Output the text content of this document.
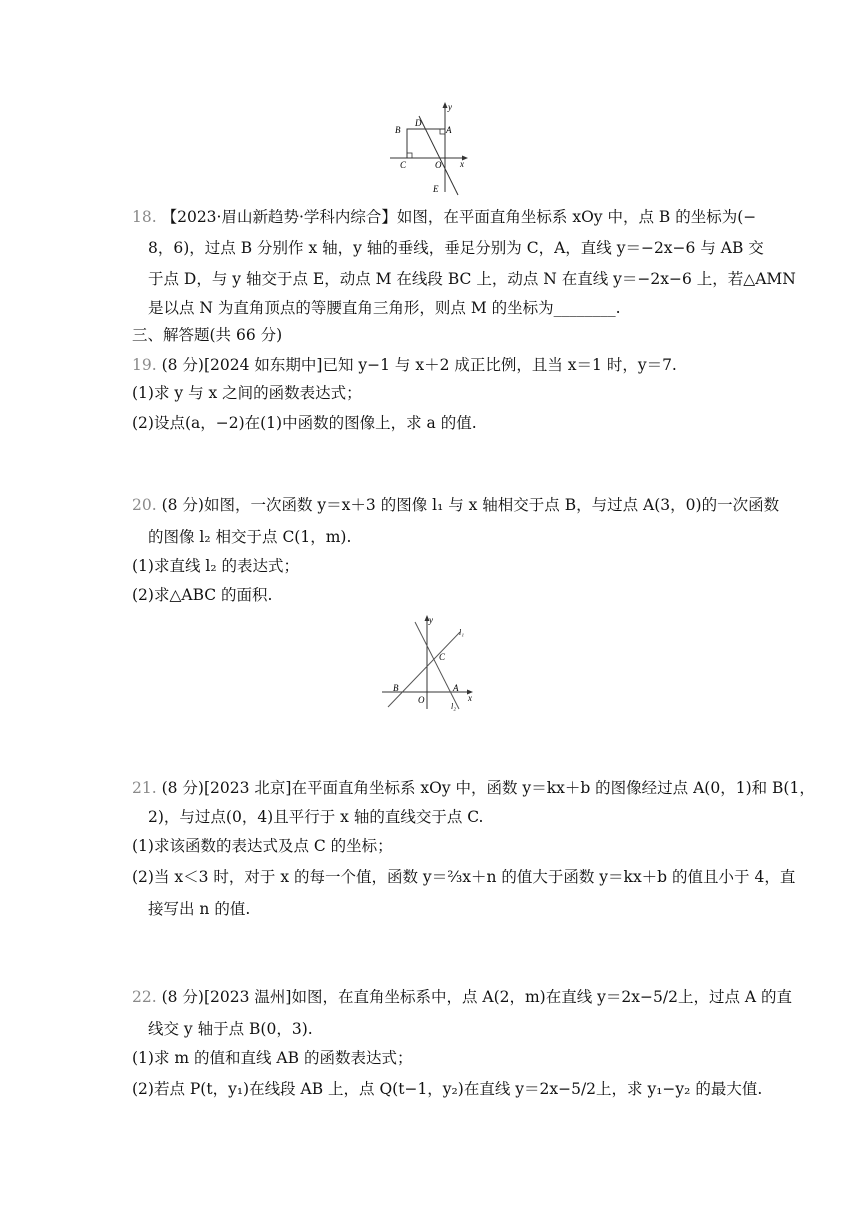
y
B
D
A
C	O x
E
18. 【2023·眉山新趋势·学科内综合】如图，在平面直角坐标系 xOy 中，点 B 的坐标为(−
8，6)，过点 B 分别作 x 轴，y 轴的垂线，垂足分别为 C，A，直线 y＝−2x−6 与 AB 交
于点 D，与 y 轴交于点 E，动点 M 在线段 BC 上，动点 N 在直线 y＝−2x−6 上，若△AMN
是以点 N 为直角顶点的等腰直角三角形，则点 M 的坐标为________.
三、解答题(共 66 分)
19. (8 分)[2024 如东期中]已知 y−1 与 x＋2 成正比例，且当 x＝1 时，y＝7.
(1)求 y 与 x 之间的函数表达式；
(2)设点(a，−2)在(1)中函数的图像上，求 a 的值.
20. (8 分)如图，一次函数 y＝x＋3 的图像 l₁ 与 x 轴相交于点 B，与过点 A(3，0)的一次函数
的图像 l₂ 相交于点 C(1，m).
(1)求直线 l₂ 的表达式；
(2)求△ABC 的面积.
y
l₁
C
B
O
A
x
l₂
21. (8 分)[2023 北京]在平面直角坐标系 xOy 中，函数 y＝kx＋b 的图像经过点 A(0，1)和 B(1，
2)，与过点(0，4)且平行于 x 轴的直线交于点 C.
(1)求该函数的表达式及点 C 的坐标；
(2)当 x＜3 时，对于 x 的每一个值，函数 y＝⅔x＋n 的值大于函数 y＝kx＋b 的值且小于 4，直
接写出 n 的值.
22. (8 分)[2023 温州]如图，在直角坐标系中，点 A(2，m)在直线 y＝2x−5/2上，过点 A 的直
线交 y 轴于点 B(0，3).
(1)求 m 的值和直线 AB 的函数表达式；
(2)若点 P(t，y₁)在线段 AB 上，点 Q(t−1，y₂)在直线 y＝2x−5/2上，求 y₁−y₂ 的最大值.
